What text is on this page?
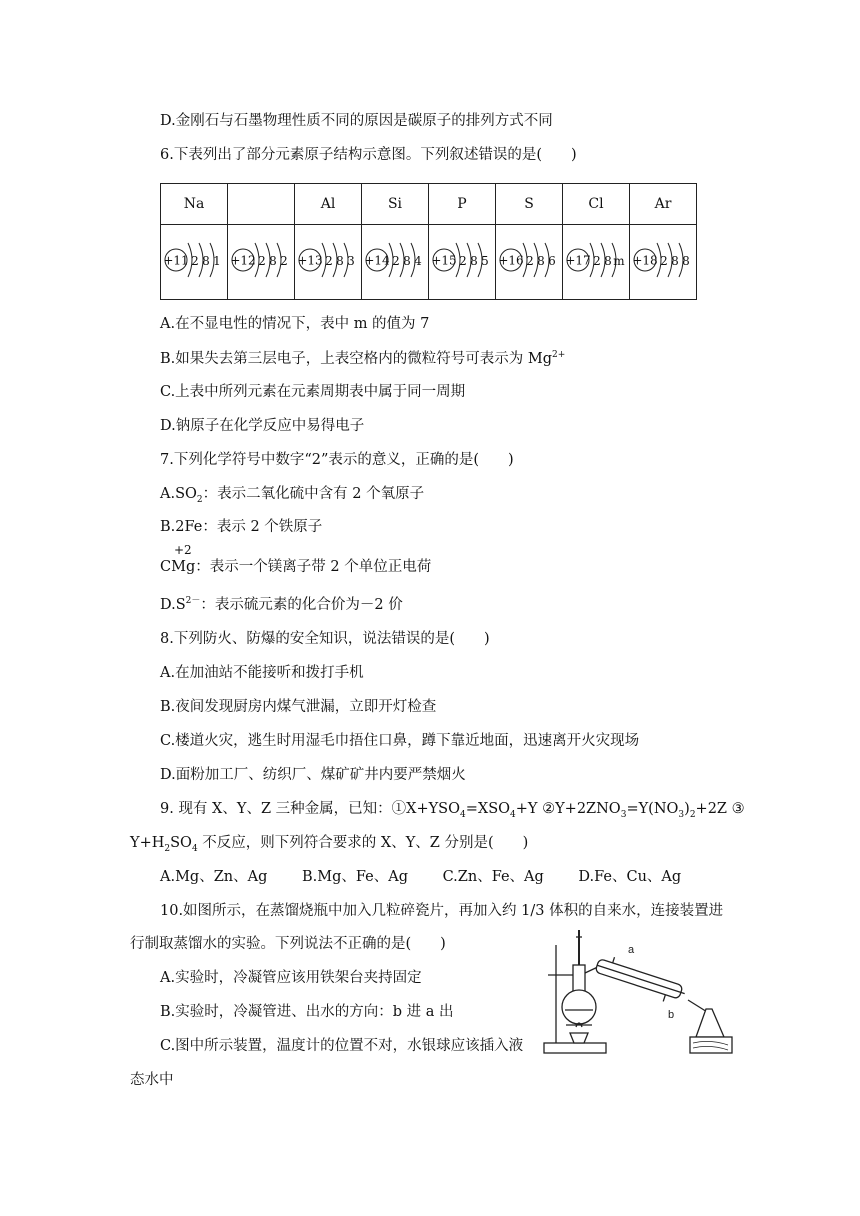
D.金刚石与石墨物理性质不同的原因是碳原子的排列方式不同
6.下表列出了部分元素原子结构示意图。下列叙述错误的是(　　)
Na		Al	Si	P	S	Cl	Ar

+11 2 8 1	+12 2 8 2	+13 2 8 3	+14 2 8 4	+15 2 8 5	+16 2 8 6	+17 2 8 m	+18 2 8 8
A.在不显电性的情况下，表中 m 的值为 7
B.如果失去第三层电子，上表空格内的微粒符号可表示为 $Mg^{2+}$
C.上表中所列元素在元素周期表中属于同一周期
D.钠原子在化学反应中易得电子
7.下列化学符号中数字“2”表示的意义，正确的是(　　)
$A.SO_2$：表示二氧化硫中含有 2 个氧原子
B.2Fe：表示 2 个铁原子
+2
CMg：表示一个镁离子带 2 个单位正电荷
$D.S^{2-}$：表示硫元素的化合价为－2 价
8.下列防火、防爆的安全知识，说法错误的是(　　)
A.在加油站不能接听和拨打手机
B.夜间发现厨房内煤气泄漏，立即开灯检查
C.楼道火灾，逃生时用湿毛巾捂住口鼻，蹲下靠近地面，迅速离开火灾现场
D.面粉加工厂、纺织厂、煤矿矿井内要严禁烟火
9. 现有 X、Y、Z 三种金属，已知：$①X+YSO_4=XSO_4+Y$ $②Y+2ZNO_3=Y(NO_3)_2+2Z$ ③
$Y+H_2SO_4$ 不反应，则下列符合要求的 X、Y、Z 分别是(　　)
A.Mg、Zn、Ag B.Mg、Fe、Ag C.Zn、Fe、Ag D.Fe、Cu、Ag
10.如图所示，在蒸馏烧瓶中加入几粒碎瓷片，再加入约 1/3 体积的自来水，连接装置进
行制取蒸馏水的实验。下列说法不正确的是(　　)
A.实验时，冷凝管应该用铁架台夹持固定
B.实验时，冷凝管进、出水的方向：b 进 a 出
C.图中所示装置，温度计的位置不对，水银球应该插入液
态水中
a
b
